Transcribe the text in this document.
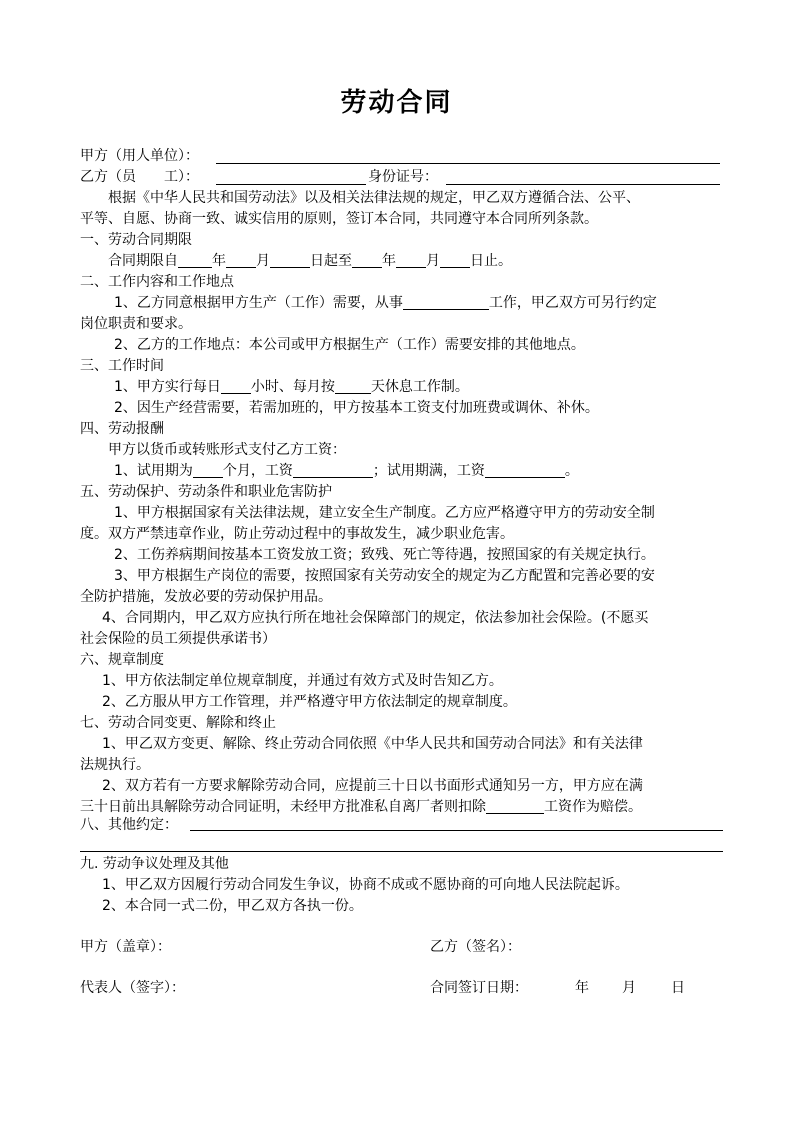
劳动合同
甲方（用人单位）：
乙方（员　　工）：	身份证号：
根据《中华人民共和国劳动法》以及相关法律法规的规定，甲乙双方遵循合法、公平、
平等、自愿、协商一致、诚实信用的原则，签订本合同，共同遵守本合同所列条款。
一、劳动合同期限
合同期限自 年 月	日起至 年 月 日止。
二、工作内容和工作地点
1、乙方同意根据甲方生产（工作）需要，从事	工作，甲乙双方可另行约定
岗位职责和要求。
2、乙方的工作地点：本公司或甲方根据生产（工作）需要安排的其他地点。
三、工作时间
1、甲方实行每日 小时、每月按	天休息工作制。
2、因生产经营需要，若需加班的，甲方按基本工资支付加班费或调休、补休。
四、劳动报酬
甲方以货币或转账形式支付乙方工资：
1、试用期为 个月，工资	；试用期满，工资	。
五、劳动保护、劳动条件和职业危害防护
1、甲方根据国家有关法律法规，建立安全生产制度。乙方应严格遵守甲方的劳动安全制
度。双方严禁违章作业，防止劳动过程中的事故发生，减少职业危害。
2、工伤养病期间按基本工资发放工资；致残、死亡等待遇，按照国家的有关规定执行。
3、甲方根据生产岗位的需要，按照国家有关劳动安全的规定为乙方配置和完善必要的安
全防护措施，发放必要的劳动保护用品。
4、合同期内，甲乙双方应执行所在地社会保障部门的规定，依法参加社会保险。(不愿买
社会保险的员工须提供承诺书）
六、规章制度
1、甲方依法制定单位规章制度，并通过有效方式及时告知乙方。
2、乙方服从甲方工作管理，并严格遵守甲方依法制定的规章制度。
七、劳动合同变更、解除和终止
1、甲乙双方变更、解除、终止劳动合同依照《中华人民共和国劳动合同法》和有关法律
法规执行。
2、双方若有一方要求解除劳动合同，应提前三十日以书面形式通知另一方，甲方应在满
三十日前出具解除劳动合同证明，未经甲方批准私自离厂者则扣除	工资作为赔偿。
八、其他约定：
九. 劳动争议处理及其他
1、甲乙双方因履行劳动合同发生争议，协商不成或不愿协商的可向地人民法院起诉。
2、本合同一式二份，甲乙双方各执一份。
甲方（盖章）：	乙方（签名）：
代表人（签字）：	合同签订日期：	年 月	日
